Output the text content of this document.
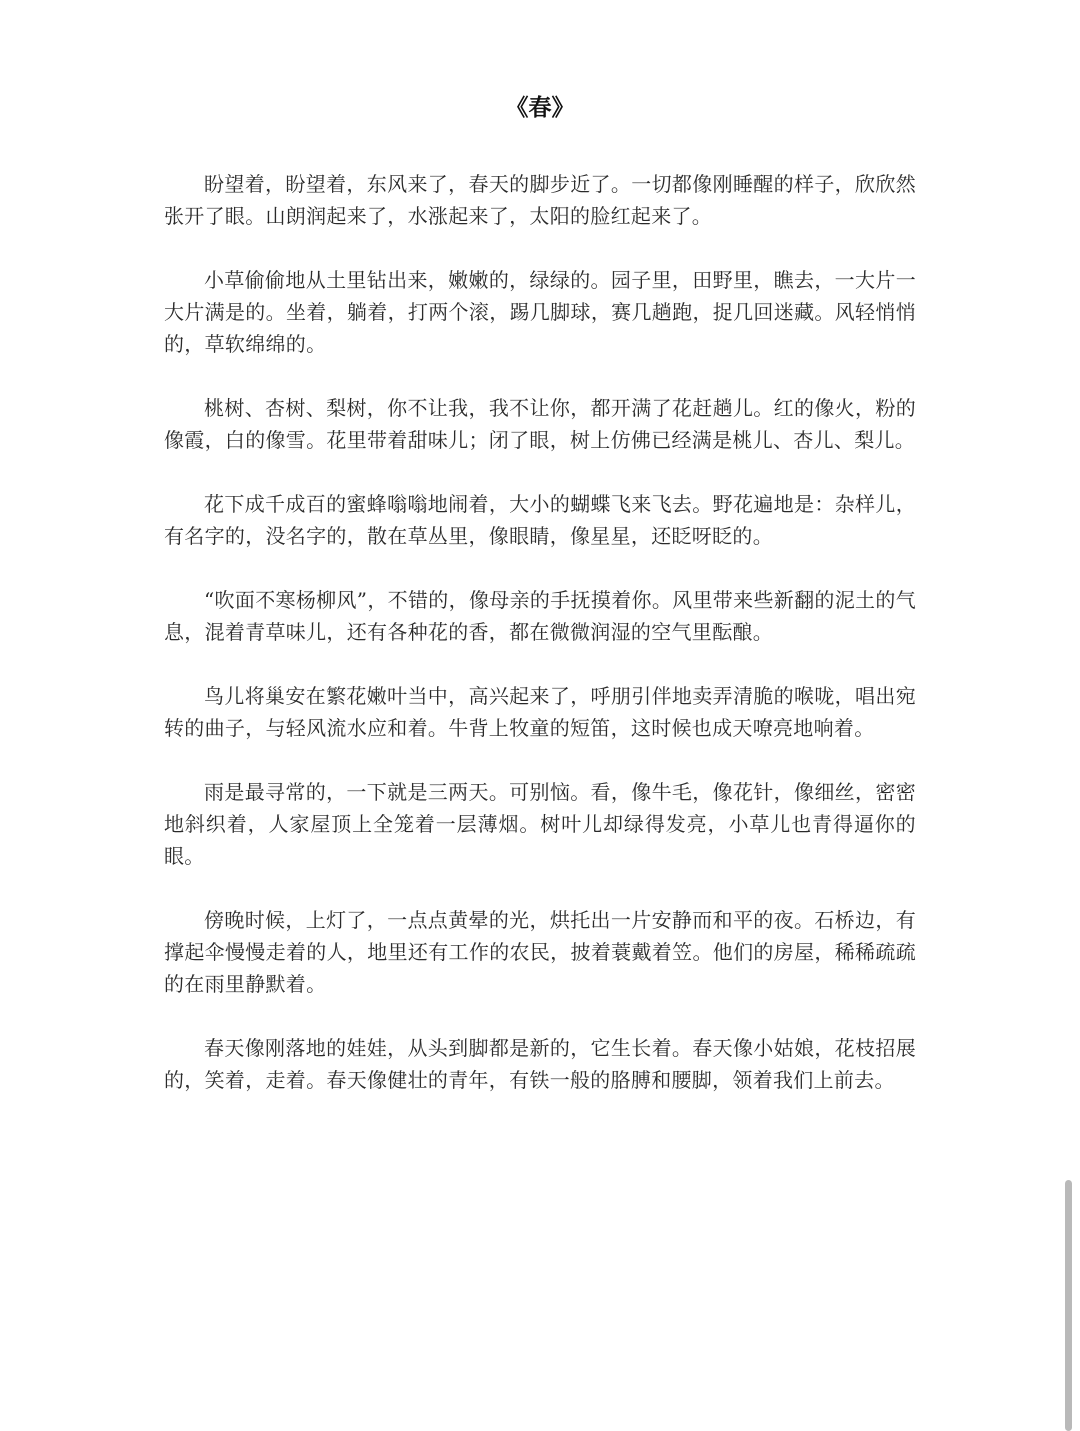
《春》

盼望着，盼望着，东风来了，春天的脚步近了。一切都像刚睡醒的样子，欣欣然张开了眼。山朗润起来了，水涨起来了，太阳的脸红起来了。

小草偷偷地从土里钻出来，嫩嫩的，绿绿的。园子里，田野里，瞧去，一大片一大片满是的。坐着，躺着，打两个滚，踢几脚球，赛几趟跑，捉几回迷藏。风轻悄悄的，草软绵绵的。

桃树、杏树、梨树，你不让我，我不让你，都开满了花赶趟儿。红的像火，粉的像霞，白的像雪。花里带着甜味儿；闭了眼，树上仿佛已经满是桃儿、杏儿、梨儿。

花下成千成百的蜜蜂嗡嗡地闹着，大小的蝴蝶飞来飞去。野花遍地是：杂样儿，有名字的，没名字的，散在草丛里，像眼睛，像星星，还眨呀眨的。

“吹面不寒杨柳风”，不错的，像母亲的手抚摸着你。风里带来些新翻的泥土的气息，混着青草味儿，还有各种花的香，都在微微润湿的空气里酝酿。

鸟儿将巢安在繁花嫩叶当中，高兴起来了，呼朋引伴地卖弄清脆的喉咙，唱出宛转的曲子，与轻风流水应和着。牛背上牧童的短笛，这时候也成天嘹亮地响着。

雨是最寻常的，一下就是三两天。可别恼。看，像牛毛，像花针，像细丝，密密地斜织着，人家屋顶上全笼着一层薄烟。树叶儿却绿得发亮，小草儿也青得逼你的眼。

傍晚时候，上灯了，一点点黄晕的光，烘托出一片安静而和平的夜。石桥边，有撑起伞慢慢走着的人，地里还有工作的农民，披着蓑戴着笠。他们的房屋，稀稀疏疏的在雨里静默着。

春天像刚落地的娃娃，从头到脚都是新的，它生长着。春天像小姑娘，花枝招展的，笑着，走着。春天像健壮的青年，有铁一般的胳膊和腰脚，领着我们上前去。
